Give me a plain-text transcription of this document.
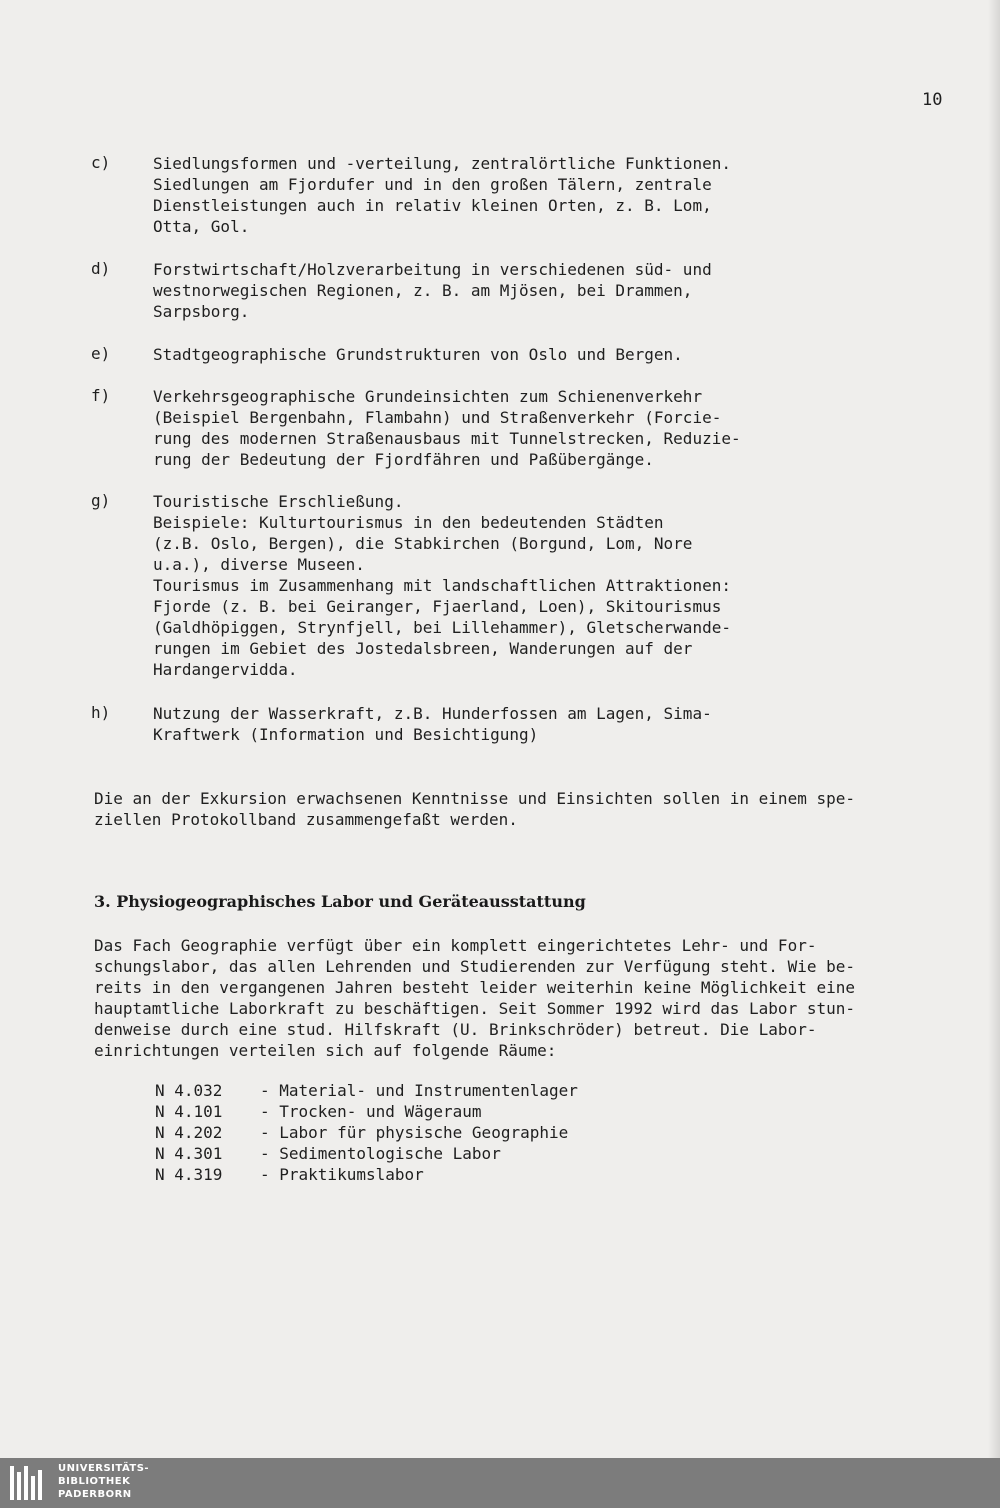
10
c)	Siedlungsformen und -verteilung, zentralörtliche Funktionen.
Siedlungen am Fjordufer und in den großen Tälern, zentrale
Dienstleistungen auch in relativ kleinen Orten, z. B. Lom,
Otta, Gol.
d)	Forstwirtschaft/Holzverarbeitung in verschiedenen süd- und
westnorwegischen Regionen, z. B. am Mjösen, bei Drammen,
Sarpsborg.
e)	Stadtgeographische Grundstrukturen von Oslo und Bergen.
f)	Verkehrsgeographische Grundeinsichten zum Schienenverkehr
(Beispiel Bergenbahn, Flambahn) und Straßenverkehr (Forcie-
rung des modernen Straßenausbaus mit Tunnelstrecken, Reduzie-
rung der Bedeutung der Fjordfähren und Paßübergänge.
g)	Touristische Erschließung.
Beispiele: Kulturtourismus in den bedeutenden Städten
(z.B. Oslo, Bergen), die Stabkirchen (Borgund, Lom, Nore
u.a.), diverse Museen.
Tourismus im Zusammenhang mit landschaftlichen Attraktionen:
Fjorde (z. B. bei Geiranger, Fjaerland, Loen), Skitourismus
(Galdhöpiggen, Strynfjell, bei Lillehammer), Gletscherwande-
rungen im Gebiet des Jostedalsbreen, Wanderungen auf der
Hardangervidda.
h)	Nutzung der Wasserkraft, z.B. Hunderfossen am Lagen, Sima-
Kraftwerk (Information und Besichtigung)
Die an der Exkursion erwachsenen Kenntnisse und Einsichten sollen in einem spe-
ziellen Protokollband zusammengefaßt werden.
3. Physiogeographisches Labor und Geräteausstattung
Das Fach Geographie verfügt über ein komplett eingerichtetes Lehr- und For-
schungslabor, das allen Lehrenden und Studierenden zur Verfügung steht. Wie be-
reits in den vergangenen Jahren besteht leider weiterhin keine Möglichkeit eine
hauptamtliche Laborkraft zu beschäftigen. Seit Sommer 1992 wird das Labor stun-
denweise durch eine stud. Hilfskraft (U. Brinkschröder) betreut. Die Labor-
einrichtungen verteilen sich auf folgende Räume:
N 4.032	- Material- und Instrumentenlager
N 4.101	- Trocken- und Wägeraum
N 4.202	- Labor für physische Geographie
N 4.301	- Sedimentologische Labor
N 4.319	- Praktikumslabor
UNIVERSITÄTS-
BIBLIOTHEK
PADERBORN
